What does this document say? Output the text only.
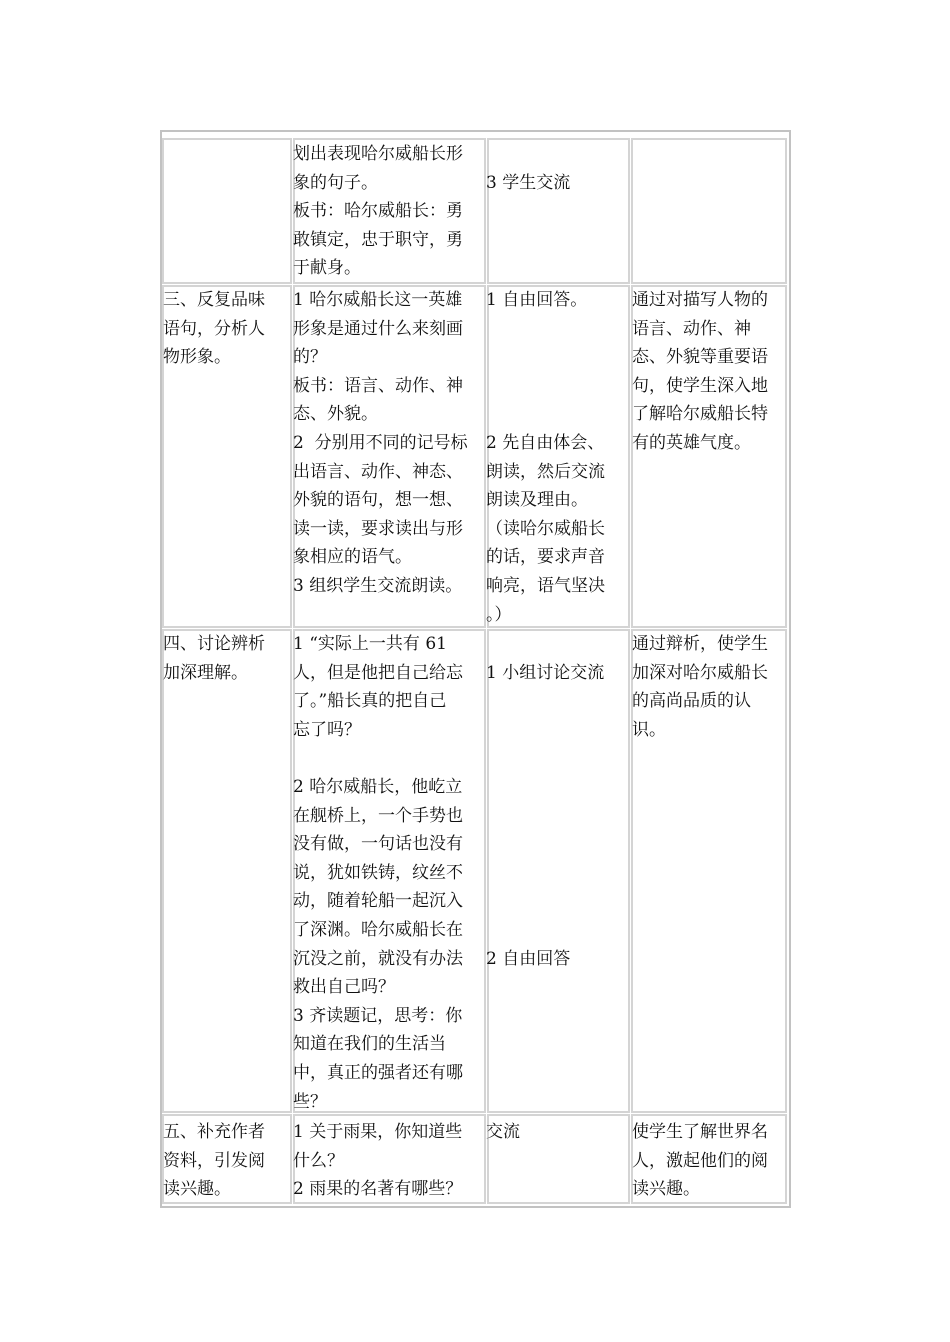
划出表现哈尔威船长形
象的句子。
板书：哈尔威船长：勇
敢镇定，忠于职守，勇
于献身。
3 学生交流
三、反复品味
语句，分析人
物形象。
1 哈尔威船长这一英雄
形象是通过什么来刻画
的？
板书：语言、动作、神
态、外貌。
2  分别用不同的记号标
出语言、动作、神态、
外貌的语句，想一想、
读一读，要求读出与形
象相应的语气。
3 组织学生交流朗读。
1 自由回答。
2 先自由体会、
朗读，然后交流
朗读及理由。
（读哈尔威船长
的话，要求声音
响亮，语气坚决
。）
通过对描写人物的
语言、动作、神
态、外貌等重要语
句，使学生深入地
了解哈尔威船长特
有的英雄气度。
四、讨论辨析
加深理解。
1 “实际上一共有 61
人，但是他把自己给忘
了。”船长真的把自己
忘了吗？
2 哈尔威船长，他屹立
在舰桥上，一个手势也
没有做，一句话也没有
说，犹如铁铸，纹丝不
动，随着轮船一起沉入
了深渊。哈尔威船长在
沉没之前，就没有办法
救出自己吗？
3 齐读题记，思考：你
知道在我们的生活当
中，真正的强者还有哪
些？
1 小组讨论交流
2 自由回答
通过辩析，使学生
加深对哈尔威船长
的高尚品质的认
识。
五、补充作者
资料，引发阅
读兴趣。
1 关于雨果，你知道些
什么？
2 雨果的名著有哪些？
交流	使学生了解世界名
人，激起他们的阅
读兴趣。
